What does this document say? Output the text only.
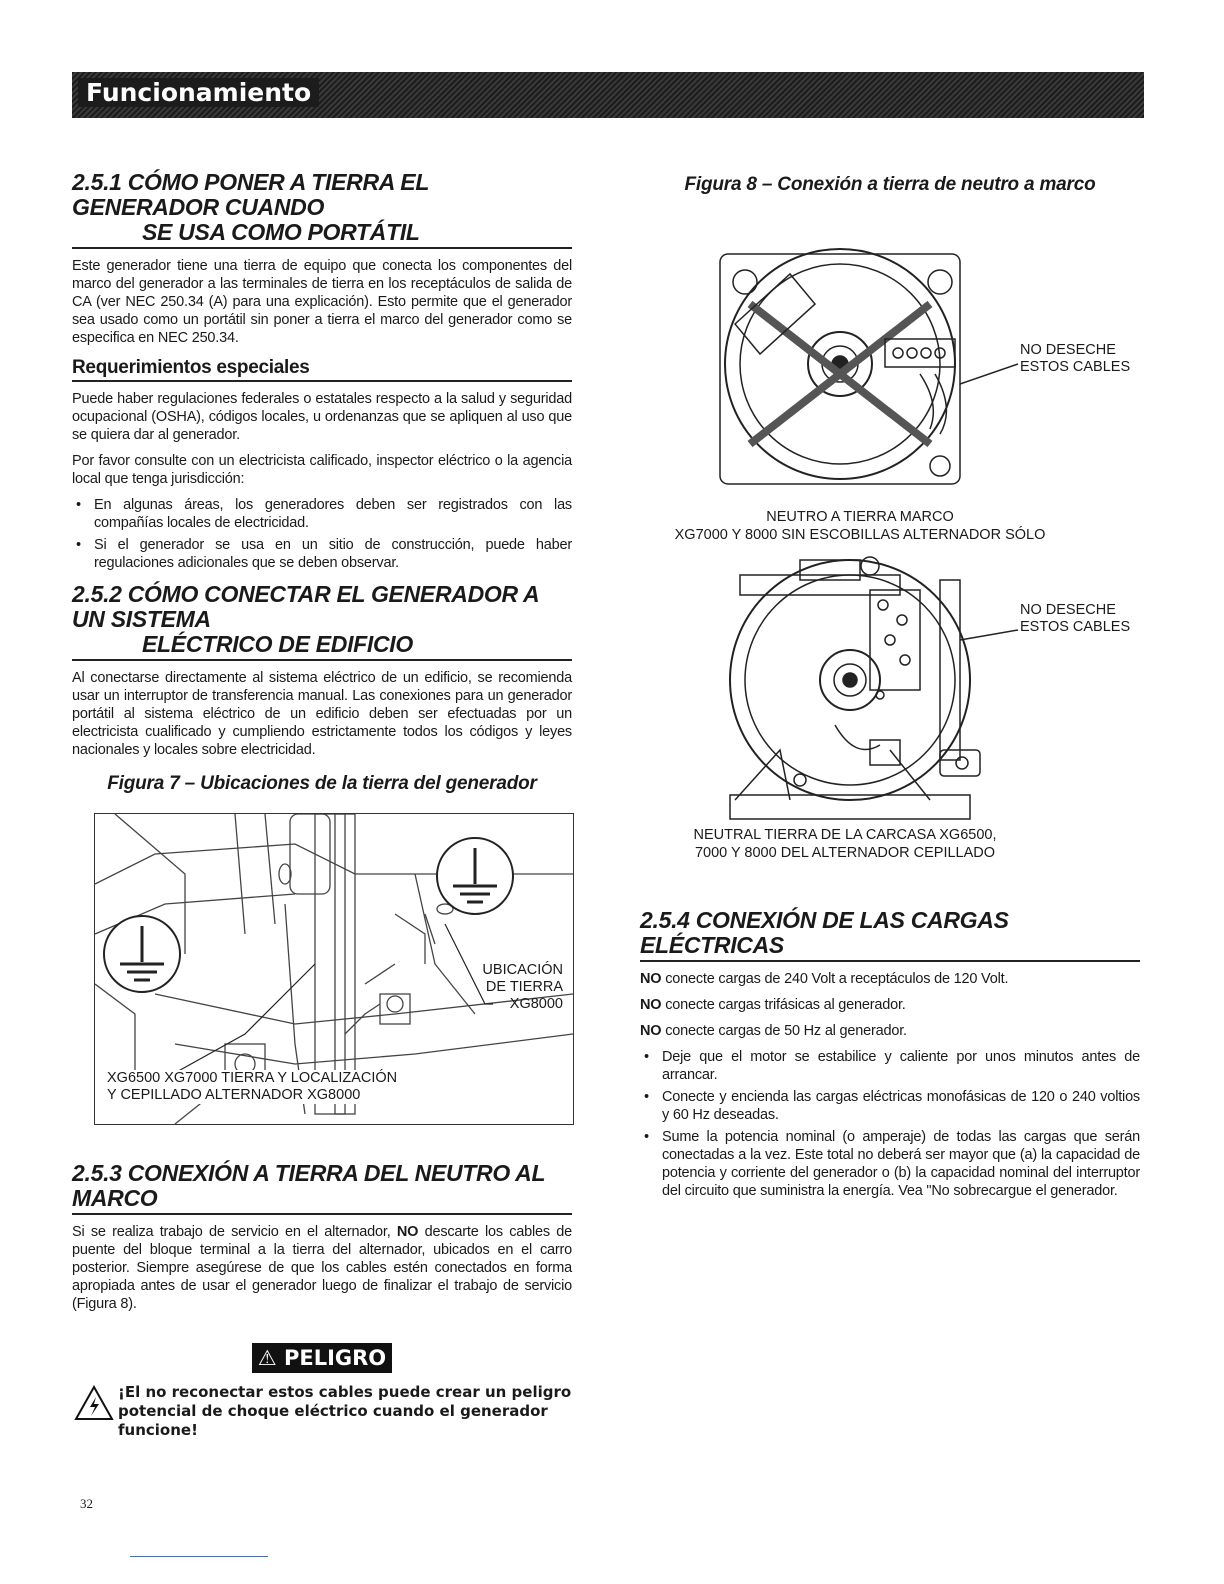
Funcionamiento
2.5.1 CÓMO PONER A TIERRA EL GENERADOR CUANDO
SE USA COMO PORTÁTIL

Este generador tiene una tierra de equipo que conecta los componentes del marco del generador a las terminales de tierra en los receptáculos de salida de CA (ver NEC 250.34 (A) para una explicación). Esto permite que el generador sea usado como un portátil sin poner a tierra el marco del generador como se especifica en NEC 250.34.

Requerimientos especiales

Puede haber regulaciones federales o estatales respecto a la salud y seguridad ocupacional (OSHA), códigos locales, u ordenanzas que se apliquen al uso que se quiera dar al generador.

Por favor consulte con un electricista calificado, inspector eléctrico o la agencia local que tenga jurisdicción:

• En algunas áreas, los generadores deben ser registrados con las compañías locales de electricidad.
• Si el generador se usa en un sitio de construcción, puede haber regulaciones adicionales que se deben observar.
2.5.2 CÓMO CONECTAR EL GENERADOR A UN SISTEMA
ELÉCTRICO DE EDIFICIO

Al conectarse directamente al sistema eléctrico de un edificio, se recomienda usar un interruptor de transferencia manual. Las conexiones para un generador portátil al sistema eléctrico de un edificio deben ser efectuadas por un electricista cualificado y cumpliendo estrictamente todos los códigos y leyes nacionales y locales sobre electricidad.

Figura 7 – Ubicaciones de la tierra del generador
UBICACIÓN
DE TIERRA
XG8000
XG6500 XG7000 TIERRA Y LOCALIZACIÓN
Y CEPILLADO ALTERNADOR XG8000
2.5.3 CONEXIÓN A TIERRA DEL NEUTRO AL MARCO

Si se realiza trabajo de servicio en el alternador, NO descarte los cables de puente del bloque terminal a la tierra del alternador, ubicados en el carro posterior. Siempre asegúrese de que los cables estén conectados en forma apropiada antes de usar el generador luego de finalizar el trabajo de servicio (Figura 8).

⚠ PELIGRO
¡El no reconectar estos cables puede crear un peligro potencial de choque eléctrico cuando el generador funcione!
Figura 8 – Conexión a tierra de neutro a marco
NO DESECHE
ESTOS CABLES
NEUTRO A TIERRA MARCO
XG7000 Y 8000 SIN ESCOBILLAS ALTERNADOR SÓLO
NO DESECHE
ESTOS CABLES
NEUTRAL TIERRA DE LA CARCASA XG6500,
7000 Y 8000 DEL ALTERNADOR CEPILLADO
2.5.4 CONEXIÓN DE LAS CARGAS ELÉCTRICAS

NO conecte cargas de 240 Volt a receptáculos de 120 Volt.

NO conecte cargas trifásicas al generador.

NO conecte cargas de 50 Hz al generador.

• Deje que el motor se estabilice y caliente por unos minutos antes de arrancar.
• Conecte y encienda las cargas eléctricas monofásicas de 120 o 240 voltios y 60 Hz deseadas.
• Sume la potencia nominal (o amperaje) de todas las cargas que serán conectadas a la vez. Este total no deberá ser mayor que (a) la capacidad de potencia y corriente del generador o (b) la capacidad nominal del interruptor del circuito que suministra la energía. Vea "No sobrecargue el generador.
32
